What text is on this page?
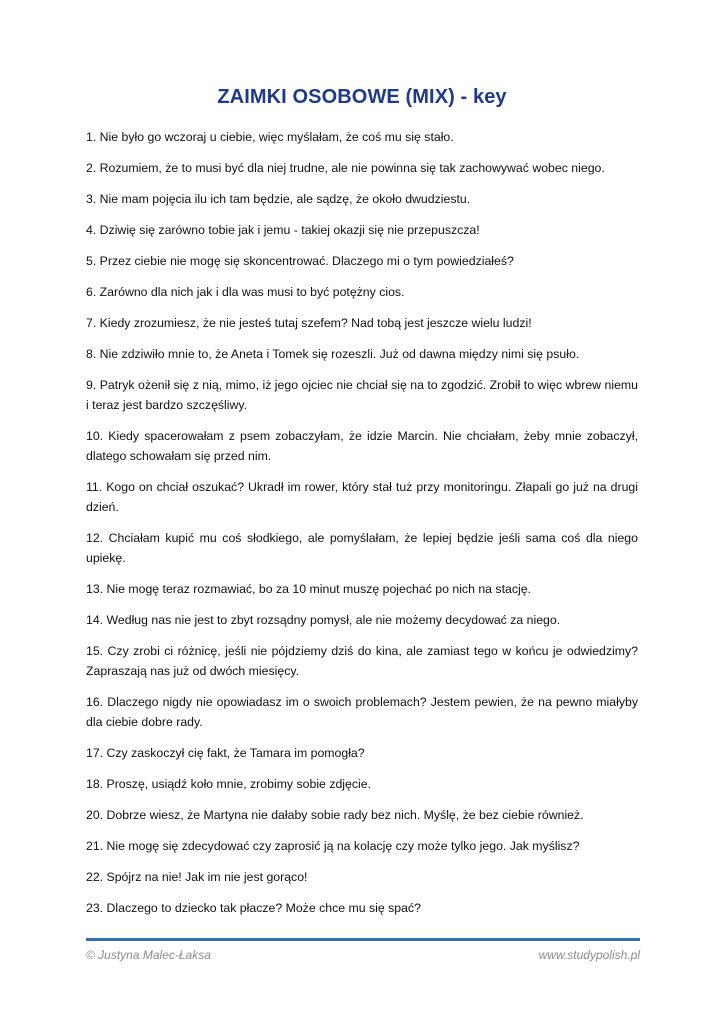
ZAIMKI OSOBOWE (MIX) - key

1. Nie było go wczoraj u ciebie, więc myślałam, że coś mu się stało.

2. Rozumiem, że to musi być dla niej trudne, ale nie powinna się tak zachowywać wobec niego.

3. Nie mam pojęcia ilu ich tam będzie, ale sądzę, że około dwudziestu.

4. Dziwię się zarówno tobie jak i jemu - takiej okazji się nie przepuszcza!

5. Przez ciebie nie mogę się skoncentrować. Dlaczego mi o tym powiedziałeś?

6. Zarówno dla nich jak i dla was musi to być potężny cios.

7. Kiedy zrozumiesz, że nie jesteś tutaj szefem? Nad tobą jest jeszcze wielu ludzi!

8. Nie zdziwiło mnie to, że Aneta i Tomek się rozeszli. Już od dawna między nimi się psuło.

9. Patryk ożenił się z nią, mimo, iż jego ojciec nie chciał się na to zgodzić. Zrobił to więc wbrew niemu i teraz jest bardzo szczęśliwy.

10. Kiedy spacerowałam z psem zobaczyłam, że idzie Marcin. Nie chciałam, żeby mnie zobaczył, dlatego schowałam się przed nim.

11. Kogo on chciał oszukać? Ukradł im rower, który stał tuż przy monitoringu. Złapali go już na drugi dzień.

12. Chciałam kupić mu coś słodkiego, ale pomyślałam, że lepiej będzie jeśli sama coś dla niego upiekę.

13. Nie mogę teraz rozmawiać, bo za 10 minut muszę pojechać po nich na stację.

14. Według nas nie jest to zbyt rozsądny pomysł, ale nie możemy decydować za niego.

15. Czy zrobi ci różnicę, jeśli nie pójdziemy dziś do kina, ale zamiast tego w końcu je odwiedzimy? Zapraszają nas już od dwóch miesięcy.

16. Dlaczego nigdy nie opowiadasz im o swoich problemach? Jestem pewien, że na pewno miałyby dla ciebie dobre rady.

17. Czy zaskoczył cię fakt, że Tamara im pomogła?

18. Proszę, usiądź koło mnie, zrobimy sobie zdjęcie.

20. Dobrze wiesz, że Martyna nie dałaby sobie rady bez nich. Myślę, że bez ciebie również.

21. Nie mogę się zdecydować czy zaprosić ją na kolację czy może tylko jego. Jak myślisz?

22. Spójrz na nie! Jak im nie jest gorąco!

23. Dlaczego to dziecko tak płacze? Może chce mu się spać?

© Justyna Malec-Łaksa	www.studypolish.pl
